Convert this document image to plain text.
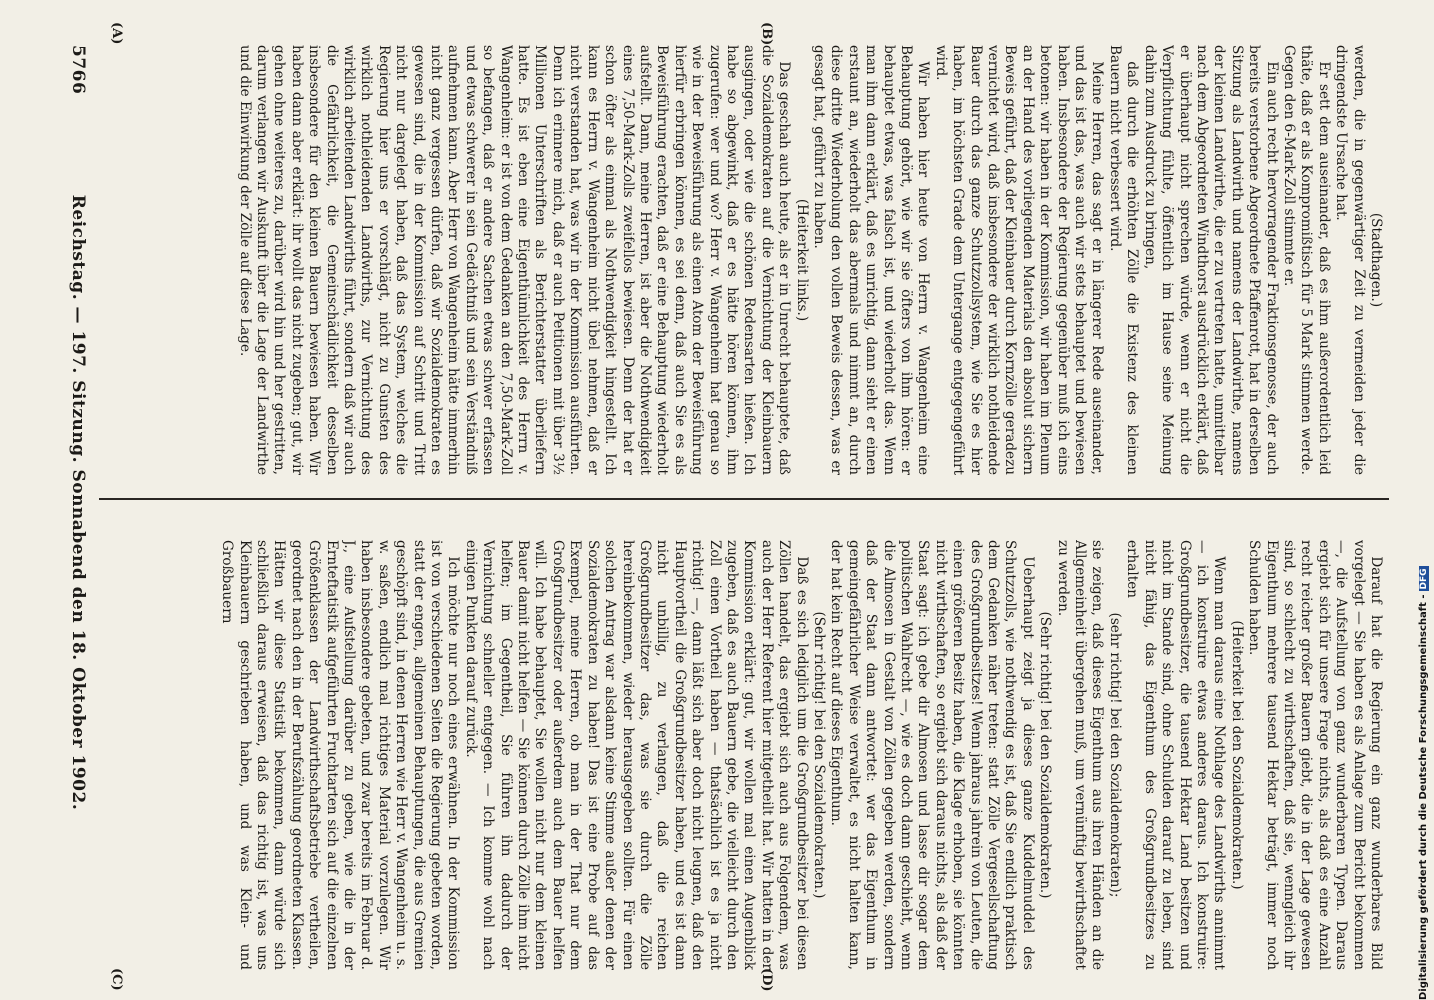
5766
Reichstag. — 197. Sitzung. Sonnabend den 18. Oktober 1902.
(A)	(B)
(C)	(D)

(Stadthagen.)

werden, die in gegenwärtiger Zeit zu vermeiden jeder die dringendste Ursache hat.

Er sett dem auseinander, daß es ihm außerordentlich leid thäte, daß er als Kompromißtisch für 5 Mark stimmen werde. Gegen den 6-Mark-Zoll stimmte er.

Ein auch recht hervorragender Fraktionsgenosse, der auch bereits verstorbene Abgeordnete Pfaffenrott, hat in derselben Sitzung als Landwirth und namens der Landwirthe, namens der kleinen Landwirthe, die er zu vertreten hatte, unmittelbar nach dem Abgeordneten Windthorst ausdrücklich erklärt, daß er überhaupt nicht sprechen würde, wenn er nicht die Verpflichtung fühlte, öffentlich im Hause seine Meinung dahin zum Ausdruck zu bringen,

daß durch die erhöhten Zölle die Existenz des kleinen Bauern nicht verbessert wird.

Meine Herren, das sagt er in längerer Rede auseinander, und das ist das, was auch wir stets behauptet und bewiesen haben. Insbesondere der Regierung gegenüber muß ich eins betonen: wir haben in der Kommission, wir haben im Plenum an der Hand des vorliegenden Materials den absolut sichern Beweis geführt, daß der Kleinbauer durch Kornzölle geradezu vernichtet wird, daß insbesondere der wirklich nothleidende Bauer durch das ganze Schutzzollsystem, wie Sie es hier haben, im höchsten Grade dem Untergange entgegengeführt wird.

Wir haben hier heute von Herrn v. Wangenheim eine Behauptung gehört, wie wir sie öfters von ihm hören: er behauptet etwas, was falsch ist, und wiederholt das. Wenn man ihm dann erklärt, daß es unrichtig, dann sieht er einen erstaunt an, wiederholt das abermals und nimmt an, durch diese dritte Wiederholung den vollen Beweis dessen, was er gesagt hat, geführt zu haben.

(Heiterkeit links.)

Das geschah auch heute, als er in Unrecht behauptete, daß die Sozialdemokraten auf die Vernichtung der Kleinbauern ausgingen, oder wie die schönen Redensarten hießen. Ich habe so abgewinkt, daß er es hätte hören können, ihm zugerufen: wer und wo? Herr v. Wangenheim hat genau so wie in der Beweisführung als einen Atom der Beweisführung hierfür erbringen können, es sei denn, daß auch Sie es als Beweisführung erachten, daß er eine Behauptung wiederholt aufstellt. Dann, meine Herren, ist aber die Nothwendigkeit eines 7,50-Mark-Zolls zweifellos bewiesen. Denn der hat er schon öfter als einmal als Nothwendigkeit hingestellt. Ich kann es Herrn v. Wangenheim nicht übel nehmen, daß er nicht verstanden hat, was wir in der Kommission ausführten. Denn ich erinnere mich, daß er auch Petitionen mit über 3½ Millionen Unterschriften als Berichterstatter überliefern hatte. Es ist eben eine Eigenthümlichkeit des Herrn v. Wangenheim: er ist von dem Gedanken an den 7,50-Mark-Zoll so befangen, daß er andere Sachen etwas schwer erfassen und etwas schwerer in sein Gedächtniß und sein Verständniß aufnehmen kann. Aber Herr von Wangenheim hätte immerhin nicht ganz vergessen dürfen, daß wir Sozialdemokraten es gewesen sind, die in der Kommission auf Schritt und Tritt nicht nur dargelegt haben, daß das System, welches die Regierung hier uns er vorschlägt, nicht zu Gunsten des wirklich nothleidenden Landwirths, zur Vernichtung des wirklich arbeitenden Landwirths führt, sondern daß wir auch die Gefährlichkeit, die Gemeinschädlichkeit desselben insbesondere für den kleinen Bauern bewiesen haben. Wir haben dann aber erklärt: ihr wollt das nicht zugeben; gut, wir gehen ohne weiteres zu, darüber wird hin und her gestritten, darum verlangen wir Auskunft über die Lage der Landwirthe und die Einwirkung der Zölle auf diese Lage.

Darauf hat die Regierung ein ganz wunderbares Bild vorgelegt — Sie haben es als Anlage zum Bericht bekommen —, die Aufstellung von ganz wunderbaren Typen. Daraus ergiebt sich für unsere Frage nichts, als daß es eine Anzahl recht reicher großer Bauern giebt, die in der Lage gewesen sind, so schlecht zu wirthschaften, daß sie, wenngleich ihr Eigenthum mehrere tausend Hektar beträgt, immer noch Schulden haben.

(Heiterkeit bei den Sozialdemokraten.)

Wenn man daraus eine Nothlage des Landwirths annimmt — ich konstruire etwas anderes daraus. Ich konstruire: Großgrundbesitzer, die tausend Hektar Land besitzen und nicht im Stande sind, ohne Schulden darauf zu leben, sind nicht fähig, das Eigenthum des Großgrundbesitzes zu erhalten

(sehr richtig! bei den Sozialdemokraten);

sie zeigen, daß dieses Eigenthum aus ihren Händen an die Allgemeinheit übergehen muß, um vernünftig bewirthschaftet zu werden.

(Sehr richtig! bei den Sozialdemokraten.)

Ueberhaupt zeigt ja dieses ganze Kuddelmuddel des Schutzzolls, wie nothwendig es ist, daß Sie endlich praktisch dem Gedanken näher treten: statt Zölle Vergesellschaftung des Großgrundbesitzes! Wenn jahraus jahrein von Leuten, die einen größeren Besitz haben, die Klage erhoben, sie könnten nicht wirthschaften, so ergiebt sich daraus nichts, als daß der Staat sagt: ich gebe dir Almosen und lasse dir sogar dem politischen Wahlrecht —, wie es doch dann geschieht, wenn die Almosen in Gestalt von Zöllen gegeben werden, sondern daß der Staat dann antwortet: wer das Eigenthum in gemeingefährlicher Weise verwaltet, es nicht halten kann, der hat kein Recht auf dieses Eigenthum.

(Sehr richtig! bei den Sozialdemokraten.)

Daß es sich lediglich um die Großgrundbesitzer bei diesen Zöllen handelt, das ergiebt sich auch aus Folgendem, was auch der Herr Referent hier mitgetheilt hat. Wir hatten in der Kommission erklärt: gut, wir wollen mal einen Augenblick zugeben, daß es auch Bauern gebe, die vielleicht durch den Zoll einen Vortheil haben — thatsächlich ist es ja nicht richtig! —, dann läßt sich aber doch nicht leugnen, daß den Hauptvortheil die Großgrundbesitzer haben, und es ist dann nicht unbillig, zu verlangen, daß die reichen Großgrundbesitzer das, was sie durch die Zölle hereinbekommen, wieder herausgegeben sollten. Für einen solchen Antrag war alsdann keine Stimme außer denen der Sozialdemokraten zu haben! Das ist eine Probe auf das Exempel, meine Herren, ob man in der That nur dem Großgrundbesitzer oder außerdem auch dem Bauer helfen will. Ich habe behauptet, Sie wollen nicht nur dem kleinen Bauer damit nicht helfen — Sie können durch Zölle ihm nicht helfen; im Gegentheil, Sie führen ihn dadurch der Vernichtung schneller entgegen. — Ich komme wohl nach einigen Punkten darauf zurück.

Ich möchte nur noch eines erwähnen. In der Kommission ist von verschiedenen Seiten die Regierung gebeten worden, statt der engen, allgemeinen Behauptungen, die aus Gremien geschöpft sind, in denen Herren wie Herr v. Wangenheim u. s. w. saßen, endlich mal richtiges Material vorzulegen. Wir haben insbesondere gebeten, und zwar bereits im Februar d. J., eine Aufstellung darüber zu geben, wie die in der Ernteftatistik aufgeführten Fruchtarten sich auf die einzelnen Größenklassen der Landwirthschaftsbetriebe vertheilen, geordnet nach den in der Berufszählung geordneten Klassen. Hätten wir diese Statistik bekommen, dann würde sich schließlich daraus erweisen, daß das richtig ist, was uns Kleinbauern geschrieben haben, und was Klein- und Großbauern

Digitalisierung gefördert durch die Deutsche Forschungsgemeinschaft -DFG
